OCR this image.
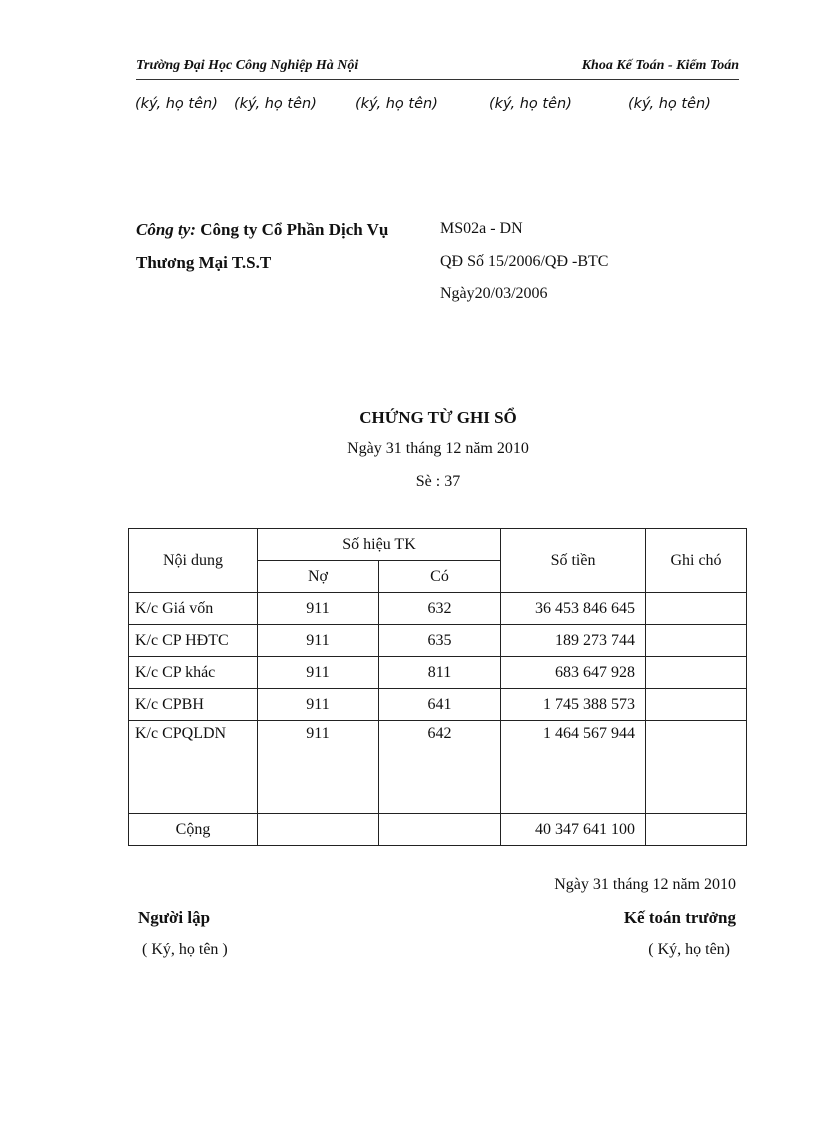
Trường Đại Học Công Nghiệp Hà Nội	Khoa Kế Toán - Kiểm Toán
(ký, họ tên) (ký, họ tên)	(ký, họ tên)	(ký, họ tên)	(ký, họ tên)
Công ty: Công ty Cổ Phần Dịch Vụ
Thương Mại T.S.T
MS02a - DN
QĐ Số 15/2006/QĐ -BTC
Ngày20/03/2006
CHỨNG TỪ GHI SỔ
Ngày 31 tháng 12 năm 2010
Sè : 37
Nội dung	Số hiệu TK		Số tiền	Ghi chó
	Nợ	Có		
K/c Giá vốn	911	632	36 453 846 645	
K/c CP HĐTC	911	635	189 273 744	
K/c CP khác	911	811	683 647 928	
K/c CPBH	911	641	1 745 388 573	
K/c CPQLDN	911	642	1 464 567 944	
Cộng			40 347 641 100	
Ngày 31 tháng 12 năm 2010
Người lập	Kế toán trưởng
( Ký, họ tên )	( Ký, họ tên)
